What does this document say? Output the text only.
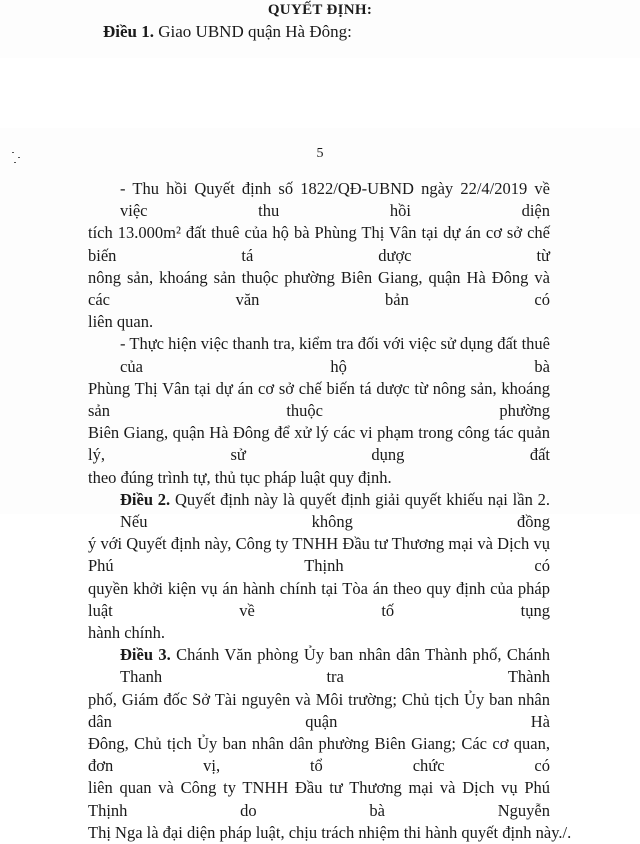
QUYẾT ĐỊNH:
Điều 1. Giao UBND quận Hà Đông:
5
- Thu hồi Quyết định số 1822/QĐ-UBND ngày 22/4/2019 về việc thu hồi diện
tích 13.000m² đất thuê của hộ bà Phùng Thị Vân tại dự án cơ sở chế biến tá dược từ
nông sản, khoáng sản thuộc phường Biên Giang, quận Hà Đông và các văn bản có
liên quan.
- Thực hiện việc thanh tra, kiểm tra đối với việc sử dụng đất thuê của hộ bà
Phùng Thị Vân tại dự án cơ sở chế biến tá dược từ nông sản, khoáng sản thuộc phường
Biên Giang, quận Hà Đông để xử lý các vi phạm trong công tác quản lý, sử dụng đất
theo đúng trình tự, thủ tục pháp luật quy định.
Điều 2. Quyết định này là quyết định giải quyết khiếu nại lần 2. Nếu không đồng
ý với Quyết định này, Công ty TNHH Đầu tư Thương mại và Dịch vụ Phú Thịnh có
quyền khởi kiện vụ án hành chính tại Tòa án theo quy định của pháp luật về tố tụng
hành chính.
Điều 3. Chánh Văn phòng Ủy ban nhân dân Thành phố, Chánh Thanh tra Thành
phố, Giám đốc Sở Tài nguyên và Môi trường; Chủ tịch Ủy ban nhân dân quận Hà
Đông, Chủ tịch Ủy ban nhân dân phường Biên Giang; Các cơ quan, đơn vị, tổ chức có
liên quan và Công ty TNHH Đầu tư Thương mại và Dịch vụ Phú Thịnh do bà Nguyễn
Thị Nga là đại diện pháp luật, chịu trách nhiệm thi hành quyết định này./.
